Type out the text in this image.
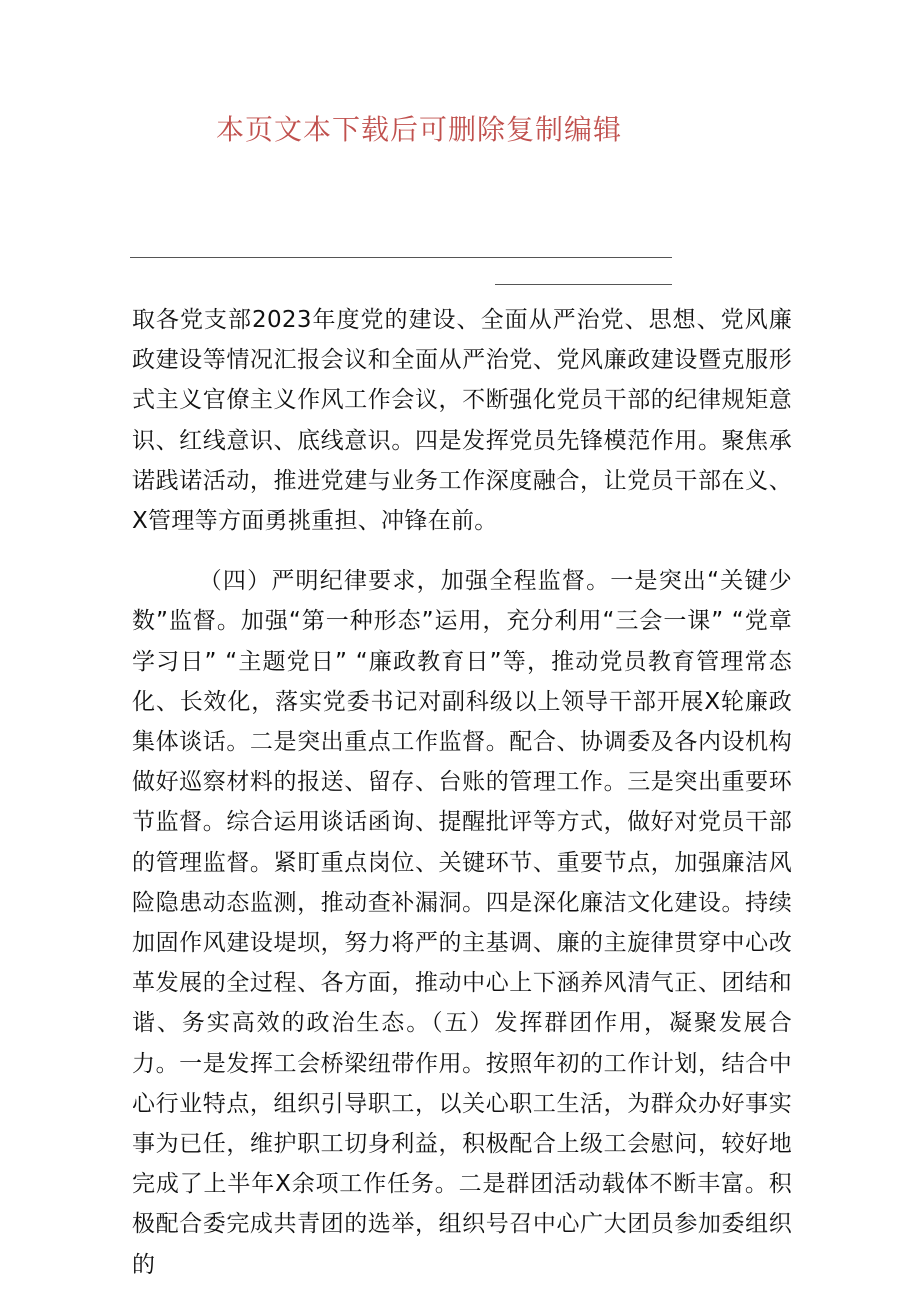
本页文本下载后可删除复制编辑

取各党支部2023年度党的建设、全面从严治党、思想、党风廉政建设等情况汇报会议和全面从严治党、党风廉政建设暨克服形式主义官僚主义作风工作会议，不断强化党员干部的纪律规矩意识、红线意识、底线意识。四是发挥党员先锋模范作用。聚焦承诺践诺活动，推进党建与业务工作深度融合，让党员干部在义、X管理等方面勇挑重担、冲锋在前。

（四）严明纪律要求，加强全程监督。一是突出“关键少数”监督。加强“第一种形态”运用，充分利用“三会一课” “党章学习日” “主题党日” “廉政教育日”等，推动党员教育管理常态化、长效化，落实党委书记对副科级以上领导干部开展X轮廉政集体谈话。二是突出重点工作监督。配合、协调委及各内设机构做好巡察材料的报送、留存、台账的管理工作。三是突出重要环节监督。综合运用谈话函询、提醒批评等方式，做好对党员干部的管理监督。紧盯重点岗位、关键环节、重要节点，加强廉洁风险隐患动态监测，推动查补漏洞。四是深化廉洁文化建设。持续加固作风建设堤坝，努力将严的主基调、廉的主旋律贯穿中心改革发展的全过程、各方面，推动中心上下涵养风清气正、团结和谐、务实高效的政治生态。（五）发挥群团作用，凝聚发展合力。一是发挥工会桥梁纽带作用。按照年初的工作计划，结合中心行业特点，组织引导职工，以关心职工生活，为群众办好事实事为已任，维护职工切身利益，积极配合上级工会慰问，较好地完成了上半年X余项工作任务。二是群团活动载体不断丰富。积极配合委完成共青团的选举，组织号召中心广大团员参加委组织的
